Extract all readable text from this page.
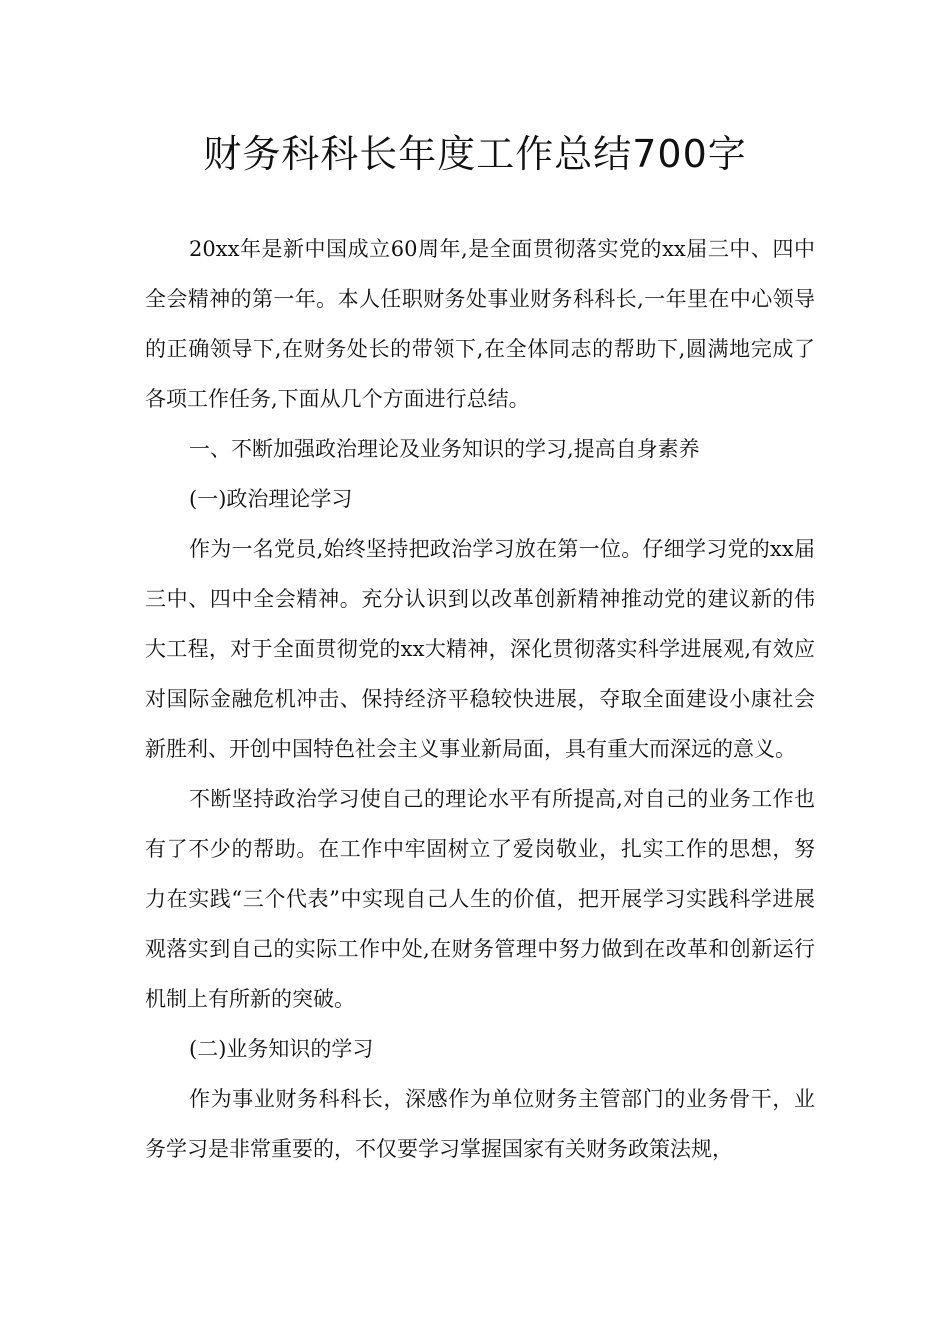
财务科科长年度工作总结700字

20xx年是新中国成立60周年,是全面贯彻落实党的xx届三中、四中全会精神的第一年。本人任职财务处事业财务科科长,一年里在中心领导的正确领导下,在财务处长的带领下,在全体同志的帮助下,圆满地完成了各项工作任务,下面从几个方面进行总结。

一、不断加强政治理论及业务知识的学习,提高自身素养

(一)政治理论学习

作为一名党员,始终坚持把政治学习放在第一位。仔细学习党的xx届三中、四中全会精神。充分认识到以改革创新精神推动党的建议新的伟大工程，对于全面贯彻党的xx大精神，深化贯彻落实科学进展观,有效应对国际金融危机冲击、保持经济平稳较快进展，夺取全面建设小康社会新胜利、开创中国特色社会主义事业新局面，具有重大而深远的意义。

不断坚持政治学习使自己的理论水平有所提高,对自己的业务工作也有了不少的帮助。在工作中牢固树立了爱岗敬业，扎实工作的思想，努力在实践“三个代表”中实现自己人生的价值，把开展学习实践科学进展观落实到自己的实际工作中处,在财务管理中努力做到在改革和创新运行机制上有所新的突破。

(二)业务知识的学习

作为事业财务科科长，深感作为单位财务主管部门的业务骨干，业务学习是非常重要的，不仅要学习掌握国家有关财务政策法规，
